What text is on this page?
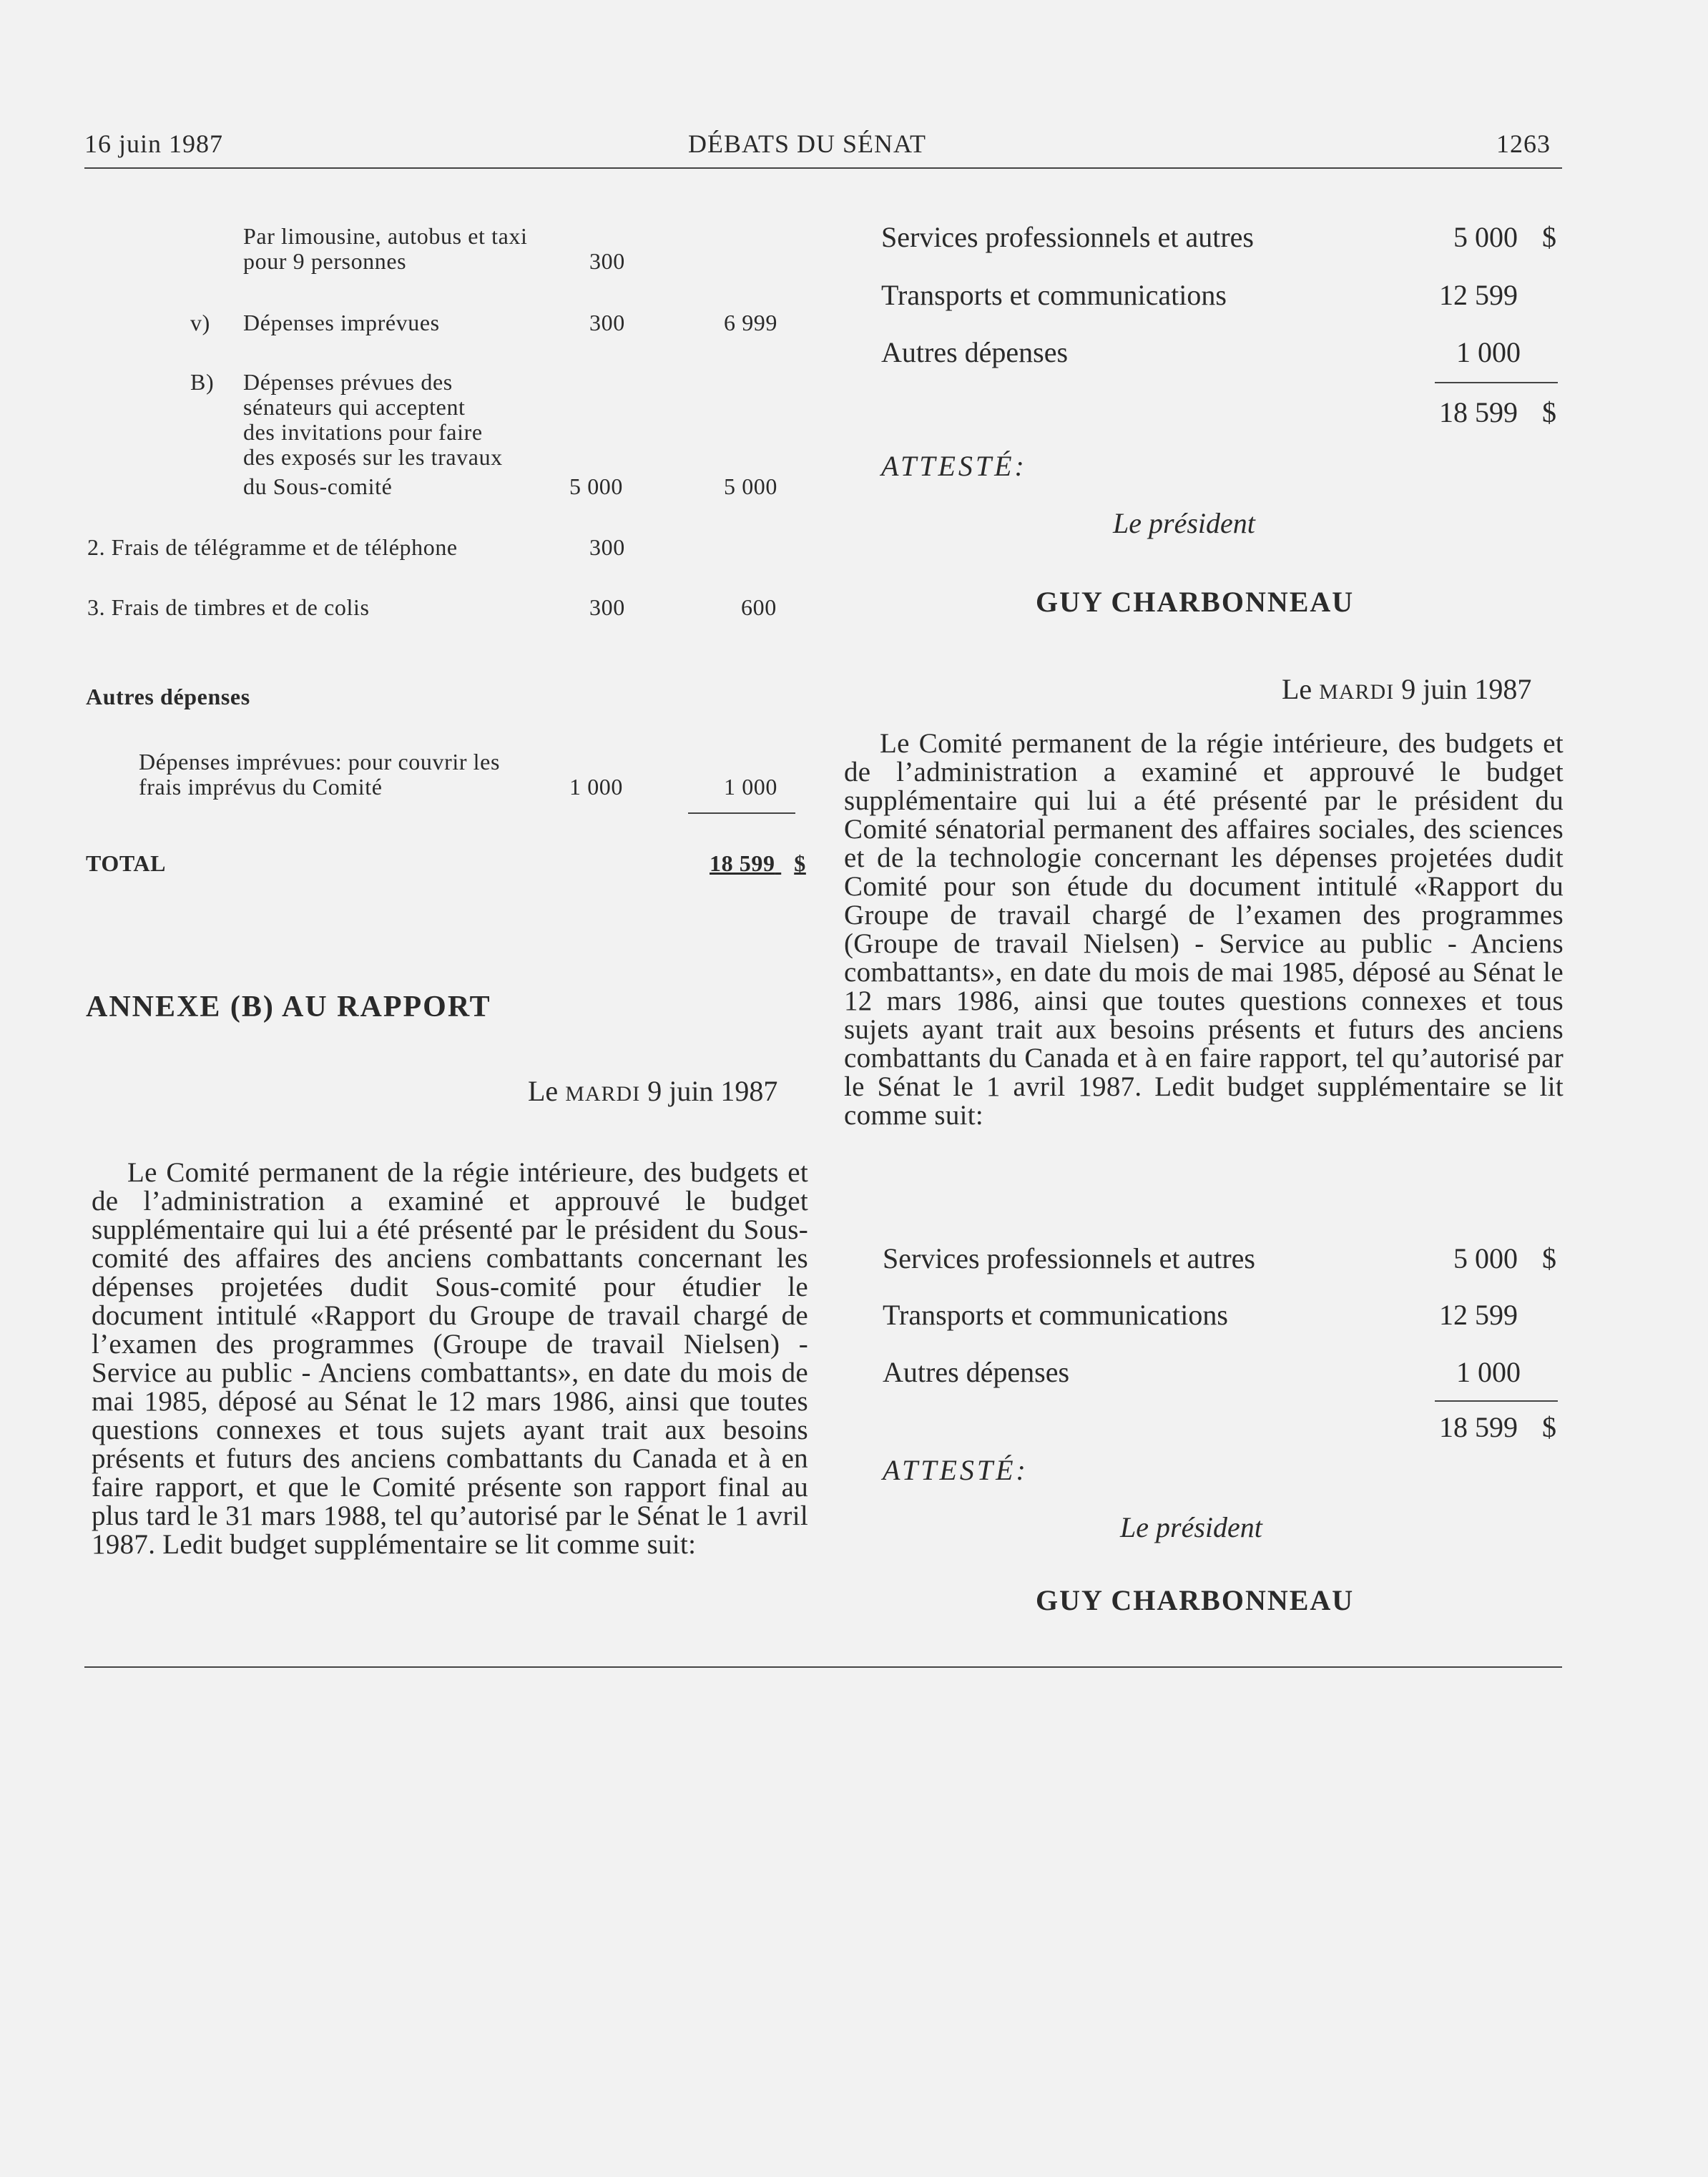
16 juin 1987	DÉBATS DU SÉNAT	1263
Par limousine, autobus et taxi
pour 9 personnes	300
v) Dépenses imprévues	300	6 999
B) Dépenses prévues des
sénateurs qui acceptent
des invitations pour faire
des exposés sur les travaux
du Sous-comité	5 000	5 000
2. Frais de télégramme et de téléphone	300
3. Frais de timbres et de colis	300	600
Autres dépenses
Dépenses imprévues: pour couvrir les
frais imprévus du Comité	1 000	1 000
TOTAL	18 599 $
ANNEXE (B) AU RAPPORT
Le MARDI 9 juin 1987
Le Comité permanent de la régie intérieure, des budgets et de l’administration a examiné et approuvé le budget supplémentaire qui lui a été présenté par le président du Sous-comité des affaires des anciens combattants concernant les dépenses projetées dudit Sous-comité pour étudier le document intitulé «Rapport du Groupe de travail chargé de l’examen des programmes (Groupe de travail Nielsen) - Service au public - Anciens combattants», en date du mois de mai 1985, déposé au Sénat le 12 mars 1986, ainsi que toutes questions connexes et tous sujets ayant trait aux besoins présents et futurs des anciens combattants du Canada et à en faire rapport, et que le Comité présente son rapport final au plus tard le 31 mars 1988, tel qu’autorisé par le Sénat le 1 avril 1987. Ledit budget supplémentaire se lit comme suit:
Services professionnels et autres	5 000 $
Transports et communications	12 599
Autres dépenses	1 000
18 599 $
ATTESTÉ:
Le président
GUY CHARBONNEAU
Le MARDI 9 juin 1987
Le Comité permanent de la régie intérieure, des budgets et de l’administration a examiné et approuvé le budget supplémentaire qui lui a été présenté par le président du Comité sénatorial permanent des affaires sociales, des sciences et de la technologie concernant les dépenses projetées dudit Comité pour son étude du document intitulé «Rapport du Groupe de travail chargé de l’examen des programmes (Groupe de travail Nielsen) - Service au public - Anciens combattants», en date du mois de mai 1985, déposé au Sénat le 12 mars 1986, ainsi que toutes questions connexes et tous sujets ayant trait aux besoins présents et futurs des anciens combattants du Canada et à en faire rapport, tel qu’autorisé par le Sénat le 1 avril 1987. Ledit budget supplémentaire se lit comme suit:
Services professionnels et autres	5 000 $
Transports et communications	12 599
Autres dépenses	1 000
18 599 $
ATTESTÉ:
Le président
GUY CHARBONNEAU
